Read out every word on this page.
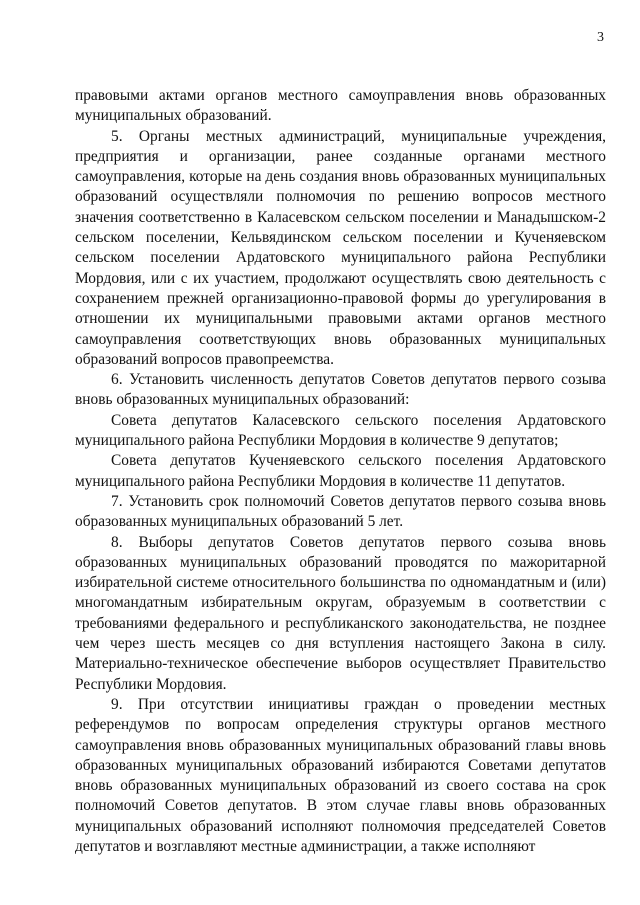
3

правовыми актами органов местного самоуправления вновь образованных муниципальных образований.

5. Органы местных администраций, муниципальные учреждения, предприятия и организации, ранее созданные органами местного самоуправления, которые на день создания вновь образованных муниципальных образований осуществляли полномочия по решению вопросов местного значения соответственно в Каласевском сельском поселении и Манадышском-2 сельском поселении, Кельвядинском сельском поселении и Кученяевском сельском поселении Ардатовского муниципального района Республики Мордовия, или с их участием, продолжают осуществлять свою деятельность с сохранением прежней организационно-правовой формы до урегулирования в отношении их муниципальными правовыми актами органов местного самоуправления соответствующих вновь образованных муниципальных образований вопросов правопреемства.

6. Установить численность депутатов Советов депутатов первого созыва вновь образованных муниципальных образований:

Совета депутатов Каласевского сельского поселения Ардатовского муниципального района Республики Мордовия в количестве 9 депутатов;

Совета депутатов Кученяевского сельского поселения Ардатовского муниципального района Республики Мордовия в количестве 11 депутатов.

7. Установить срок полномочий Советов депутатов первого созыва вновь образованных муниципальных образований 5 лет.

8. Выборы депутатов Советов депутатов первого созыва вновь образованных муниципальных образований проводятся по мажоритарной избирательной системе относительного большинства по одномандатным и (или) многомандатным избирательным округам, образуемым в соответствии с требованиями федерального и республиканского законодательства, не позднее чем через шесть месяцев со дня вступления настоящего Закона в силу. Материально-техническое обеспечение выборов осуществляет Правительство Республики Мордовия.

9. При отсутствии инициативы граждан о проведении местных референдумов по вопросам определения структуры органов местного самоуправления вновь образованных муниципальных образований главы вновь образованных муниципальных образований избираются Советами депутатов вновь образованных муниципальных образований из своего состава на срок полномочий Советов депутатов. В этом случае главы вновь образованных муниципальных образований исполняют полномочия председателей Советов депутатов и возглавляют местные администрации, а также исполняют
